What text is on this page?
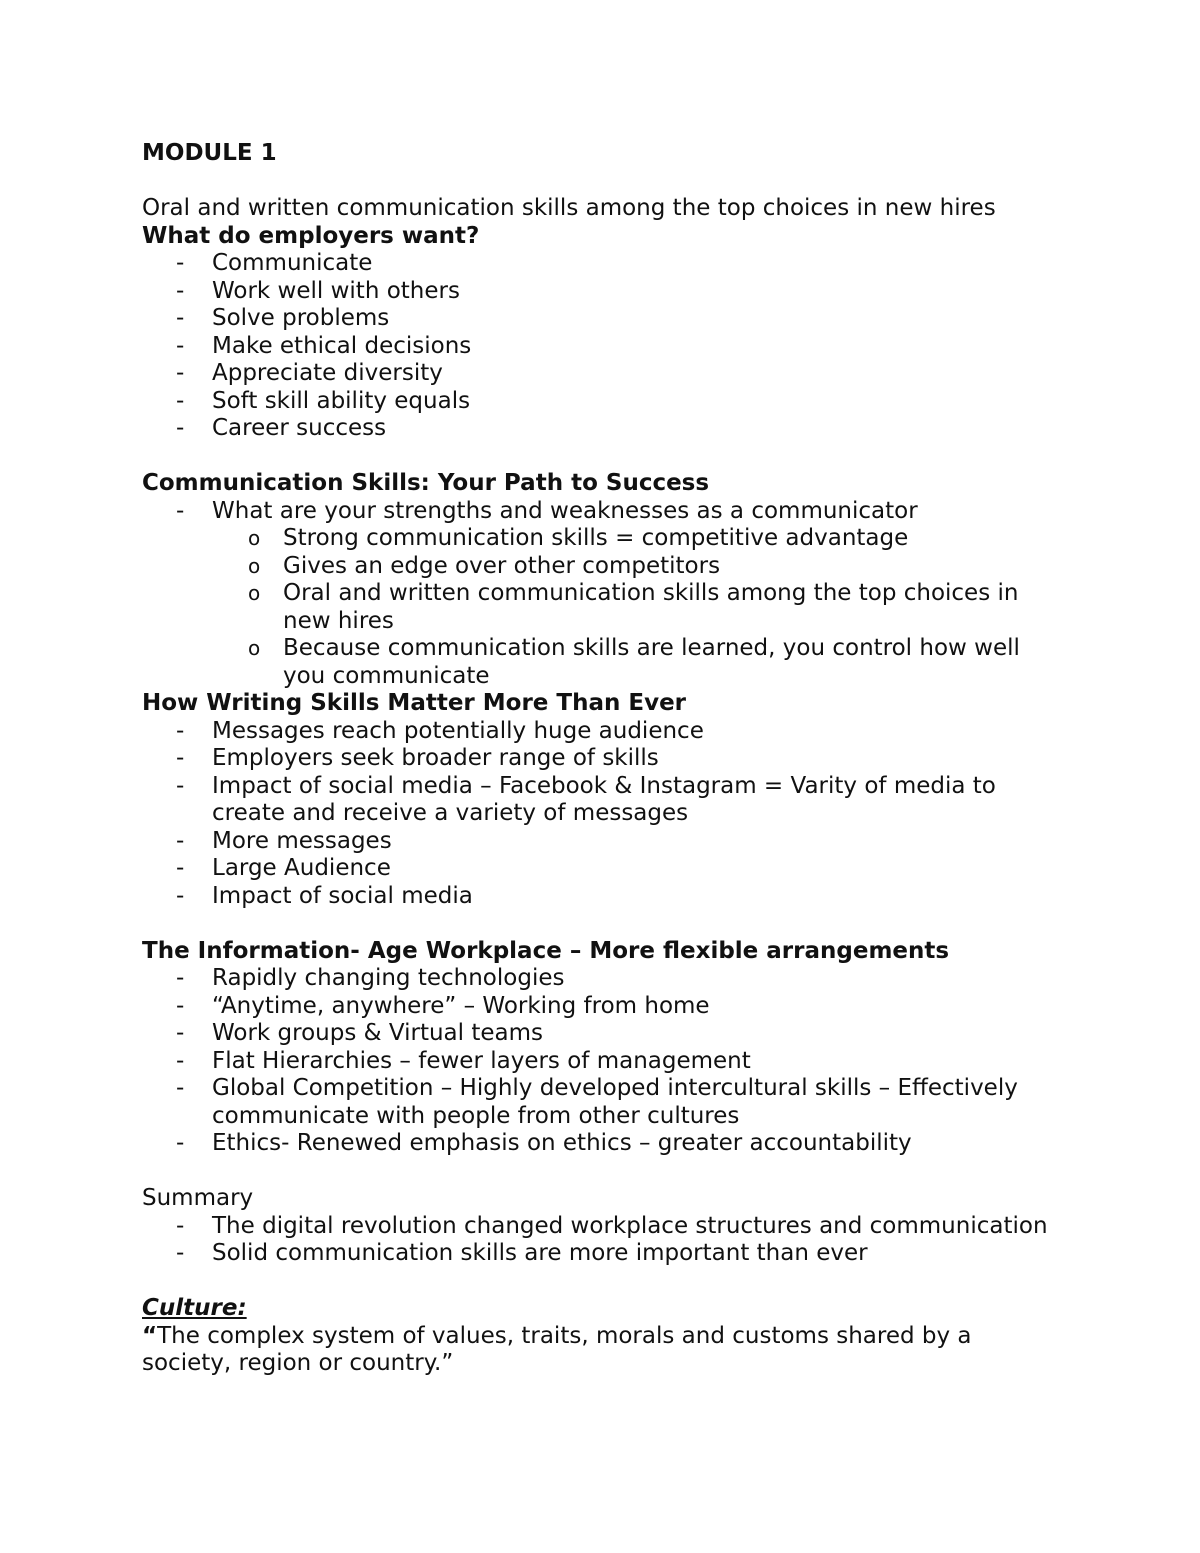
MODULE 1

Oral and written communication skills among the top choices in new hires

What do employers want?

- Communicate
- Work well with others
- Solve problems
- Make ethical decisions
- Appreciate diversity
- Soft skill ability equals
- Career success

Communication Skills: Your Path to Success

- What are your strengths and weaknesses as a communicator
o Strong communication skills = competitive advantage
o Gives an edge over other competitors
o Oral and written communication skills among the top choices in new hires
o Because communication skills are learned, you control how well you communicate

How Writing Skills Matter More Than Ever

- Messages reach potentially huge audience
- Employers seek broader range of skills
- Impact of social media – Facebook & Instagram = Varity of media to create and receive a variety of messages
- More messages
- Large Audience
- Impact of social media

The Information- Age Workplace – More flexible arrangements

- Rapidly changing technologies
- “Anytime, anywhere” – Working from home
- Work groups & Virtual teams
- Flat Hierarchies – fewer layers of management
- Global Competition – Highly developed intercultural skills – Effectively communicate with people from other cultures
- Ethics- Renewed emphasis on ethics – greater accountability

Summary

- The digital revolution changed workplace structures and communication
- Solid communication skills are more important than ever

Culture:

“The complex system of values, traits, morals and customs shared by a society, region or country.”
